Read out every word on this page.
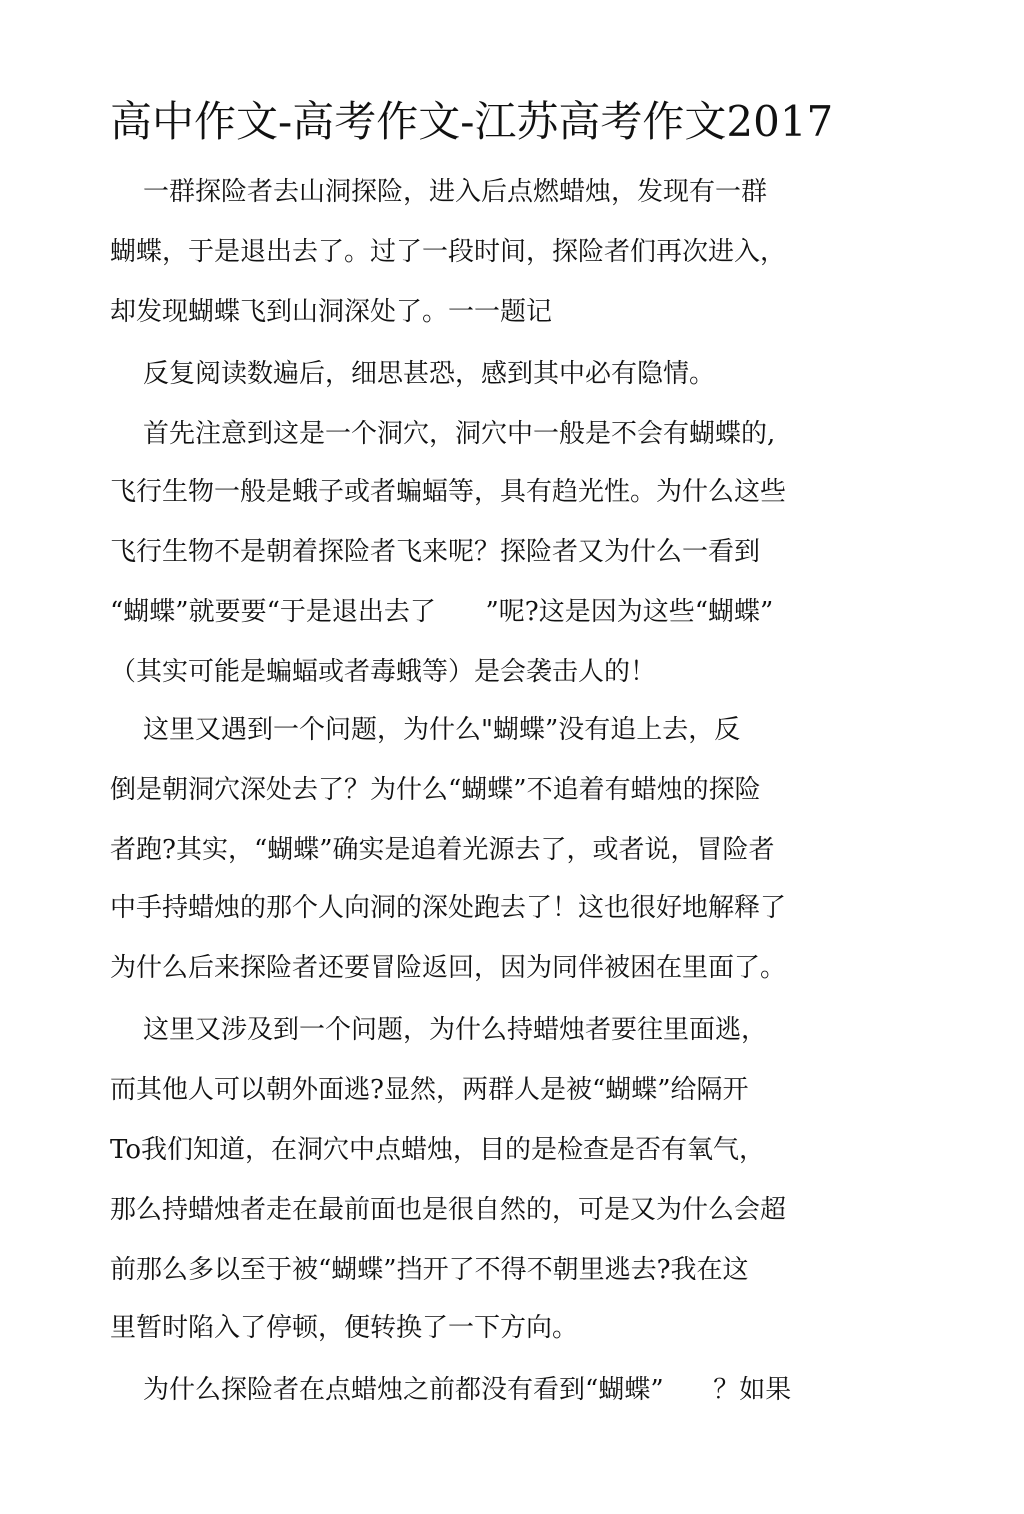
高中作文-高考作文-江苏高考作文2017
一群探险者去山洞探险，进入后点燃蜡烛，发现有一群
蝴蝶，于是退出去了。过了一段时间，探险者们再次进入，
却发现蝴蝶飞到山洞深处了。一一题记
反复阅读数遍后，细思甚恐，感到其中必有隐情。
首先注意到这是一个洞穴，洞穴中一般是不会有蝴蝶的,
飞行生物一般是蛾子或者蝙蝠等，具有趋光性。为什么这些
飞行生物不是朝着探险者飞来呢？探险者又为什么一看到
“蝴蝶”就要要“于是退出去了      ”呢?这是因为这些“蝴蝶”
（其实可能是蝙蝠或者毒蛾等）是会袭击人的！
这里又遇到一个问题，为什么"蝴蝶”没有追上去，反
倒是朝洞穴深处去了？为什么“蝴蝶”不追着有蜡烛的探险
者跑?其实，“蝴蝶”确实是追着光源去了，或者说，冒险者
中手持蜡烛的那个人向洞的深处跑去了！这也很好地解释了
为什么后来探险者还要冒险返回，因为同伴被困在里面了。
这里又涉及到一个问题，为什么持蜡烛者要往里面逃，
而其他人可以朝外面逃?显然，两群人是被“蝴蝶”给隔开
To我们知道，在洞穴中点蜡烛，目的是检查是否有氧气，
那么持蜡烛者走在最前面也是很自然的，可是又为什么会超
前那么多以至于被“蝴蝶”挡开了不得不朝里逃去?我在这
里暂时陷入了停顿，便转换了一下方向。
为什么探险者在点蜡烛之前都没有看到“蝴蝶”      ？如果
